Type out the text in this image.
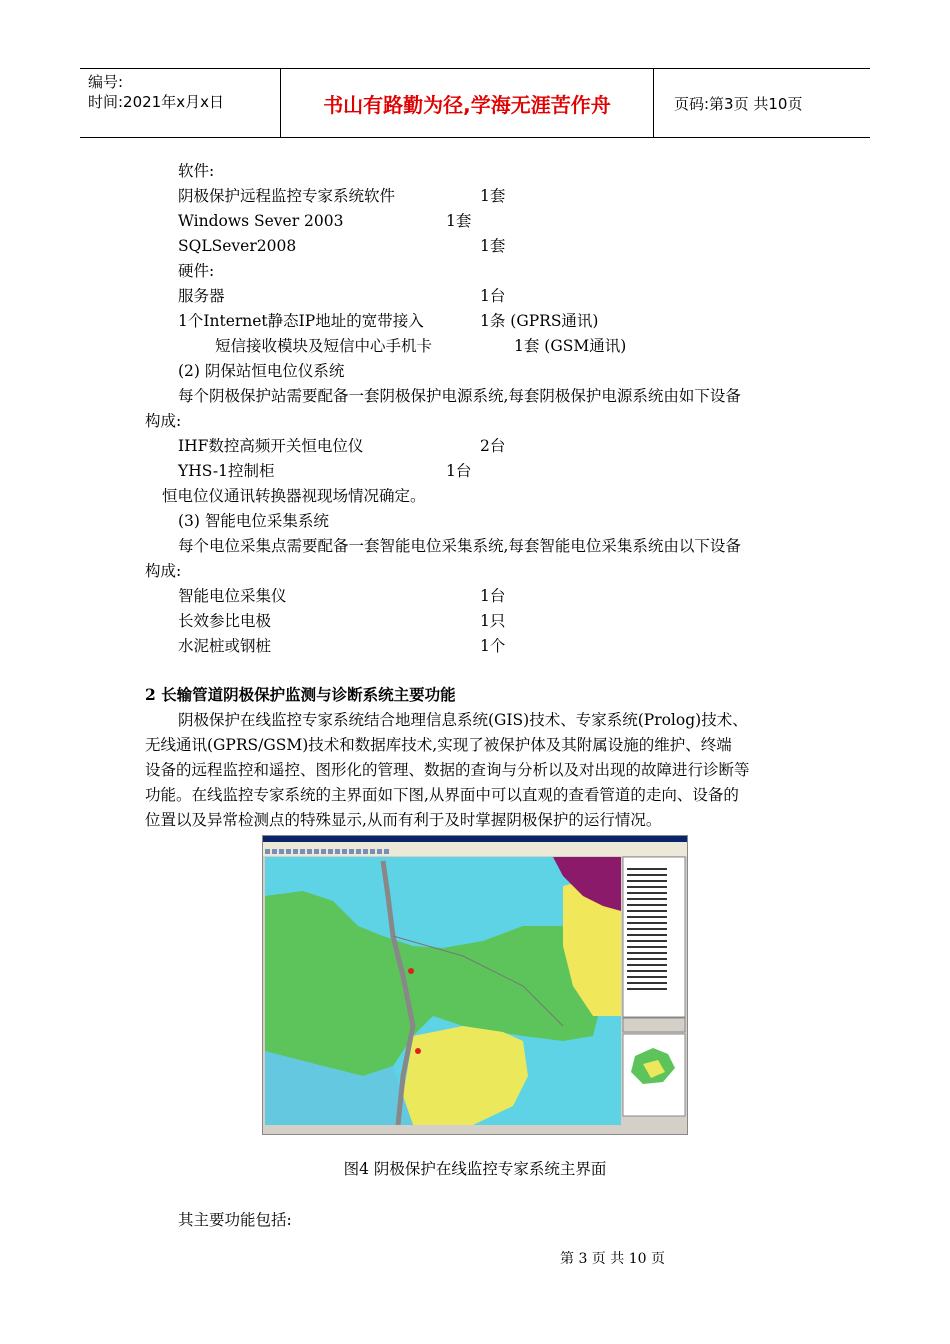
编号:
时间:2021年x月x日	书山有路勤为径,学海无涯苦作舟	页码:第3页 共10页
软件:
阴极保护远程监控专家系统软件	1套
Windows Sever 2003	1套
SQLSever2008	1套
硬件:
服务器	1台
1个Internet静态IP地址的宽带接入	1条 (GPRS通讯)
短信接收模块及短信中心手机卡	1套 (GSM通讯)
(2) 阴保站恒电位仪系统
每个阴极保护站需要配备一套阴极保护电源系统,每套阴极保护电源系统由如下设备
构成:
IHF数控高频开关恒电位仪	2台
YHS-1控制柜	1台
恒电位仪通讯转换器视现场情况确定。
(3) 智能电位采集系统
每个电位采集点需要配备一套智能电位采集系统,每套智能电位采集系统由以下设备
构成:
智能电位采集仪	1台
长效参比电极	1只
水泥桩或钢桩	1个
2 长输管道阴极保护监测与诊断系统主要功能
阴极保护在线监控专家系统结合地理信息系统(GIS)技术、专家系统(Prolog)技术、
无线通讯(GPRS/GSM)技术和数据库技术,实现了被保护体及其附属设施的维护、终端
设备的远程监控和遥控、图形化的管理、数据的查询与分析以及对出现的故障进行诊断等
功能。在线监控专家系统的主界面如下图,从界面中可以直观的查看管道的走向、设备的
位置以及异常检测点的特殊显示,从而有利于及时掌握阴极保护的运行情况。
图4 阴极保护在线监控专家系统主界面
其主要功能包括:
第 3 页 共 10 页
